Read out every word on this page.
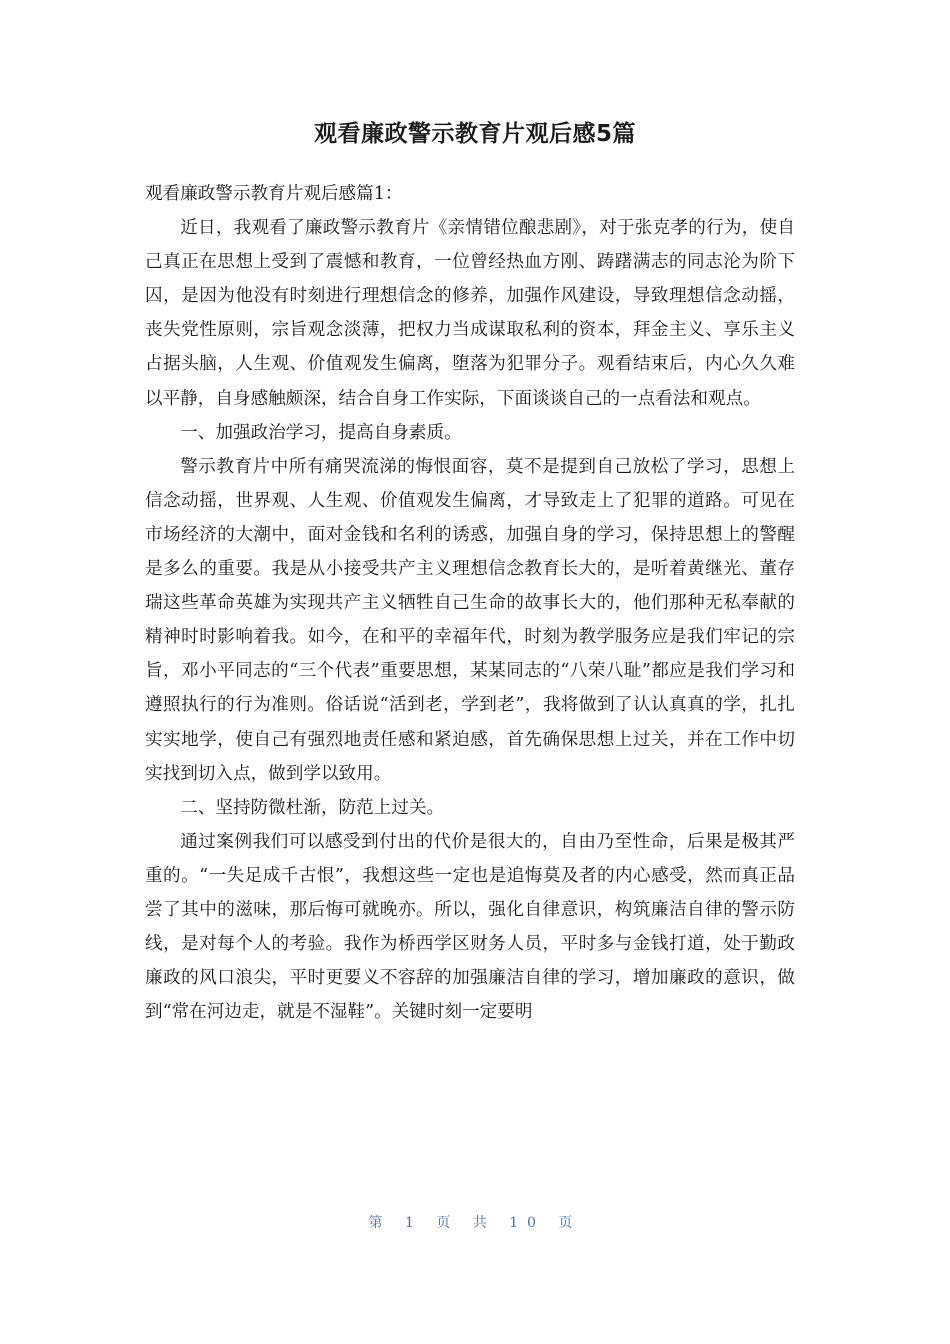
观看廉政警示教育片观后感5篇

观看廉政警示教育片观后感篇1：

近日，我观看了廉政警示教育片《亲情错位酿悲剧》，对于张克孝的行为，使自己真正在思想上受到了震憾和教育，一位曾经热血方刚、踌躇满志的同志沦为阶下囚，是因为他没有时刻进行理想信念的修养，加强作风建设，导致理想信念动摇，丧失党性原则，宗旨观念淡薄，把权力当成谋取私利的资本，拜金主义、享乐主义占据头脑，人生观、价值观发生偏离，堕落为犯罪分子。观看结束后，内心久久难以平静，自身感触颇深，结合自身工作实际，下面谈谈自己的一点看法和观点。

一、加强政治学习，提高自身素质。

警示教育片中所有痛哭流涕的悔恨面容，莫不是提到自己放松了学习，思想上信念动摇，世界观、人生观、价值观发生偏离，才导致走上了犯罪的道路。可见在市场经济的大潮中，面对金钱和名利的诱惑，加强自身的学习，保持思想上的警醒是多么的重要。我是从小接受共产主义理想信念教育长大的，是听着黄继光、董存瑞这些革命英雄为实现共产主义牺牲自己生命的故事长大的，他们那种无私奉献的精神时时影响着我。如今，在和平的幸福年代，时刻为教学服务应是我们牢记的宗旨，邓小平同志的“三个代表”重要思想，某某同志的“八荣八耻”都应是我们学习和遵照执行的行为准则。俗话说“活到老，学到老”，我将做到了认认真真的学，扎扎实实地学，使自己有强烈地责任感和紧迫感，首先确保思想上过关，并在工作中切实找到切入点，做到学以致用。

二、坚持防微杜渐，防范上过关。

通过案例我们可以感受到付出的代价是很大的，自由乃至性命，后果是极其严重的。“一失足成千古恨”，我想这些一定也是追悔莫及者的内心感受，然而真正品尝了其中的滋味，那后悔可就晚亦。所以，强化自律意识，构筑廉洁自律的警示防线，是对每个人的考验。我作为桥西学区财务人员，平时多与金钱打道，处于勤政廉政的风口浪尖，平时更要义不容辞的加强廉洁自律的学习，增加廉政的意识，做到“常在河边走，就是不湿鞋”。关键时刻一定要明

第 1 页 共 10 页
